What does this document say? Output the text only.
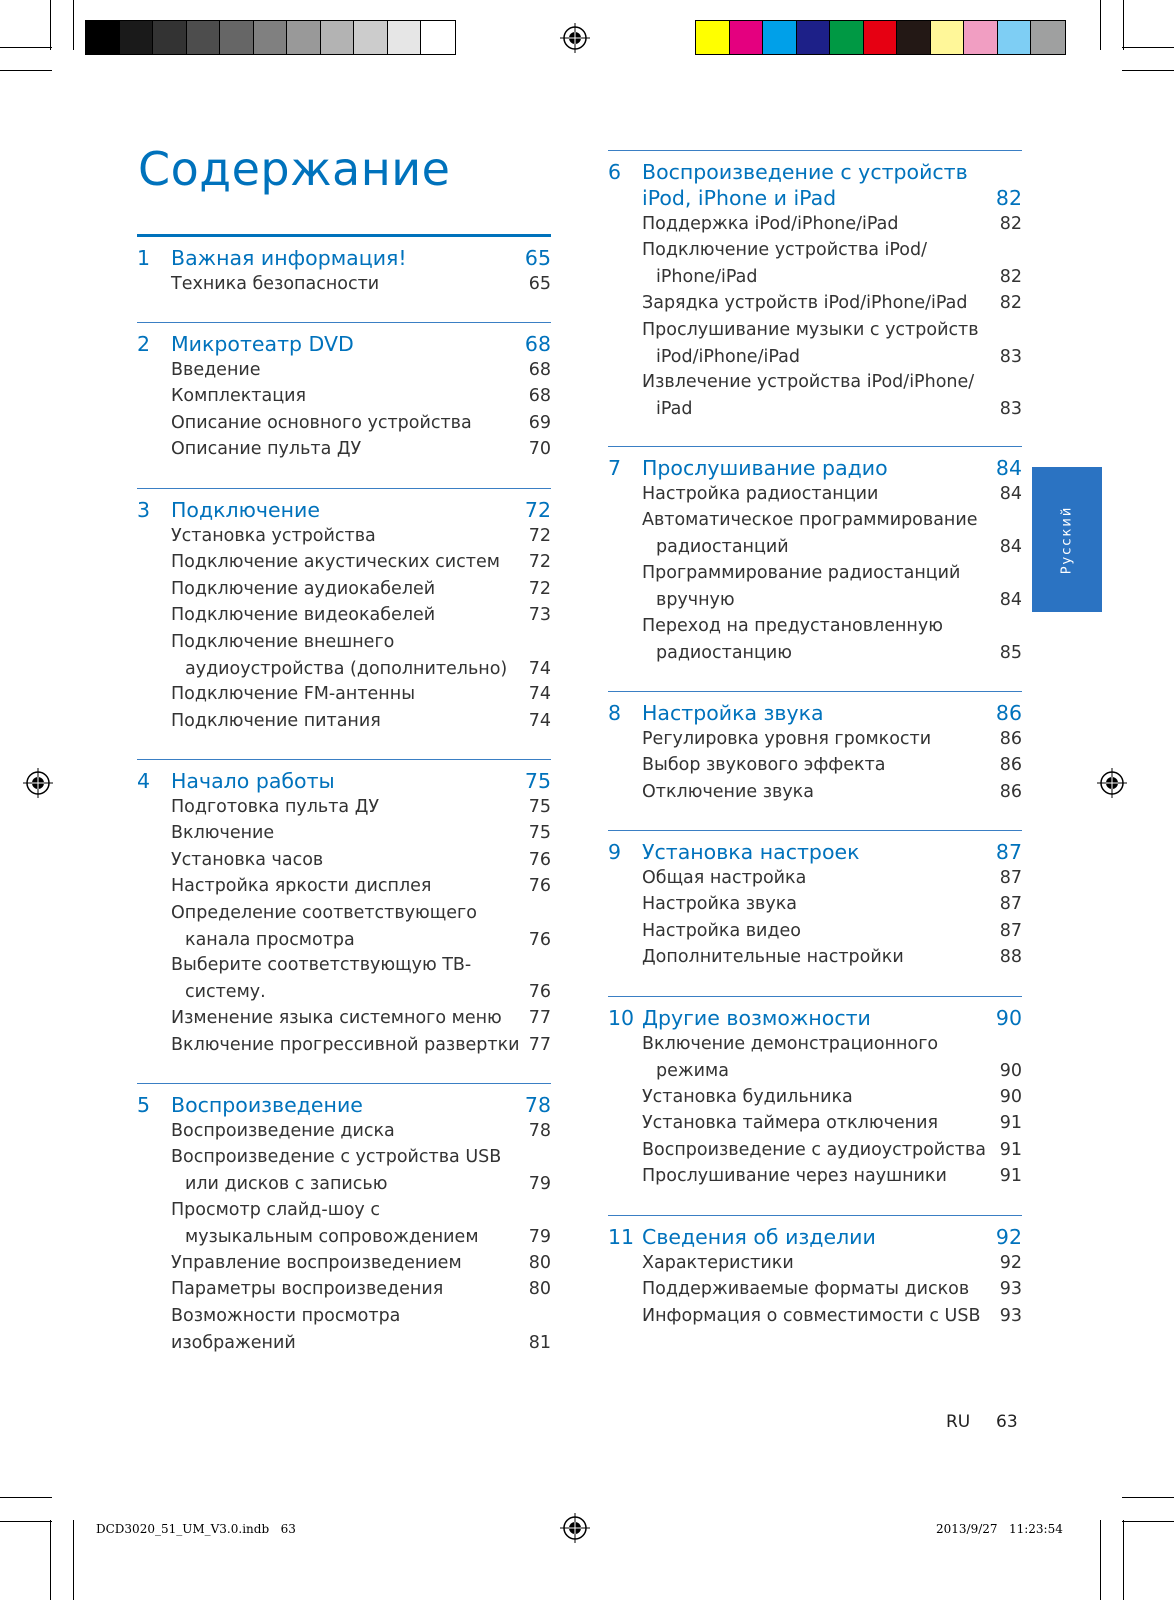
Содержание
1 Важная информация!	65
Техника безопасности	65
2 Микротеатр DVD	68
Введение	68
Комплектация	68
Описание основного устройства	69
Описание пульта ДУ	70
3 Подключение	72
Установка устройства	72
Подключение акустических систем	72
Подключение аудиокабелей	72
Подключение видеокабелей	73
Подключение внешнего
аудиоустройства (дополнительно)	74
Подключение FM-антенны	74
Подключение питания	74
4 Начало работы	75
Подготовка пульта ДУ	75
Включение	75
Установка часов	76
Настройка яркости дисплея	76
Определение соответствующего
канала просмотра	76
Выберите соответствующую ТВ-
систему.	76
Изменение языка системного меню	77
Включение прогрессивной развертки 77
5 Воспроизведение	78
Воспроизведение диска	78
Воспроизведение с устройства USB
или дисков с записью	79
Просмотр слайд-шоу с
музыкальным сопровождением	79
Управление воспроизведением	80
Параметры воспроизведения	80
Возможности просмотра изображений	81
6 Воспроизведение с устройств iPod, iPhone и iPad	82
Поддержка iPod/iPhone/iPad	82
Подключение устройства iPod/
iPhone/iPad	82
Зарядка устройств iPod/iPhone/iPad	82
Прослушивание музыки с устройств
iPod/iPhone/iPad	83
Извлечение устройства iPod/iPhone/
iPad	83
7 Прослушивание радио	84
Настройка радиостанции	84
Автоматическое программирование
радиостанций	84
Программирование радиостанций
вручную	84
Переход на предустановленную
радиостанцию	85
8 Настройка звука	86
Регулировка уровня громкости	86
Выбор звукового эффекта	86
Отключение звука	86
9 Установка настроек	87
Общая настройка	87
Настройка звука	87
Настройка видео	87
Дополнительные настройки	88
10 Другие возможности	90
Включение демонстрационного
режима	90
Установка будильника	90
Установка таймера отключения	91
Воспроизведение с аудиоустройства 91
Прослушивание через наушники	91
11 Сведения об изделии	92
Характеристики	92
Поддерживаемые форматы дисков	93
Информация о совместимости с USB	93
Русский
RU 63
DCD3020_51_UM_V3.0.indb   63	2013/9/27   11:23:54
